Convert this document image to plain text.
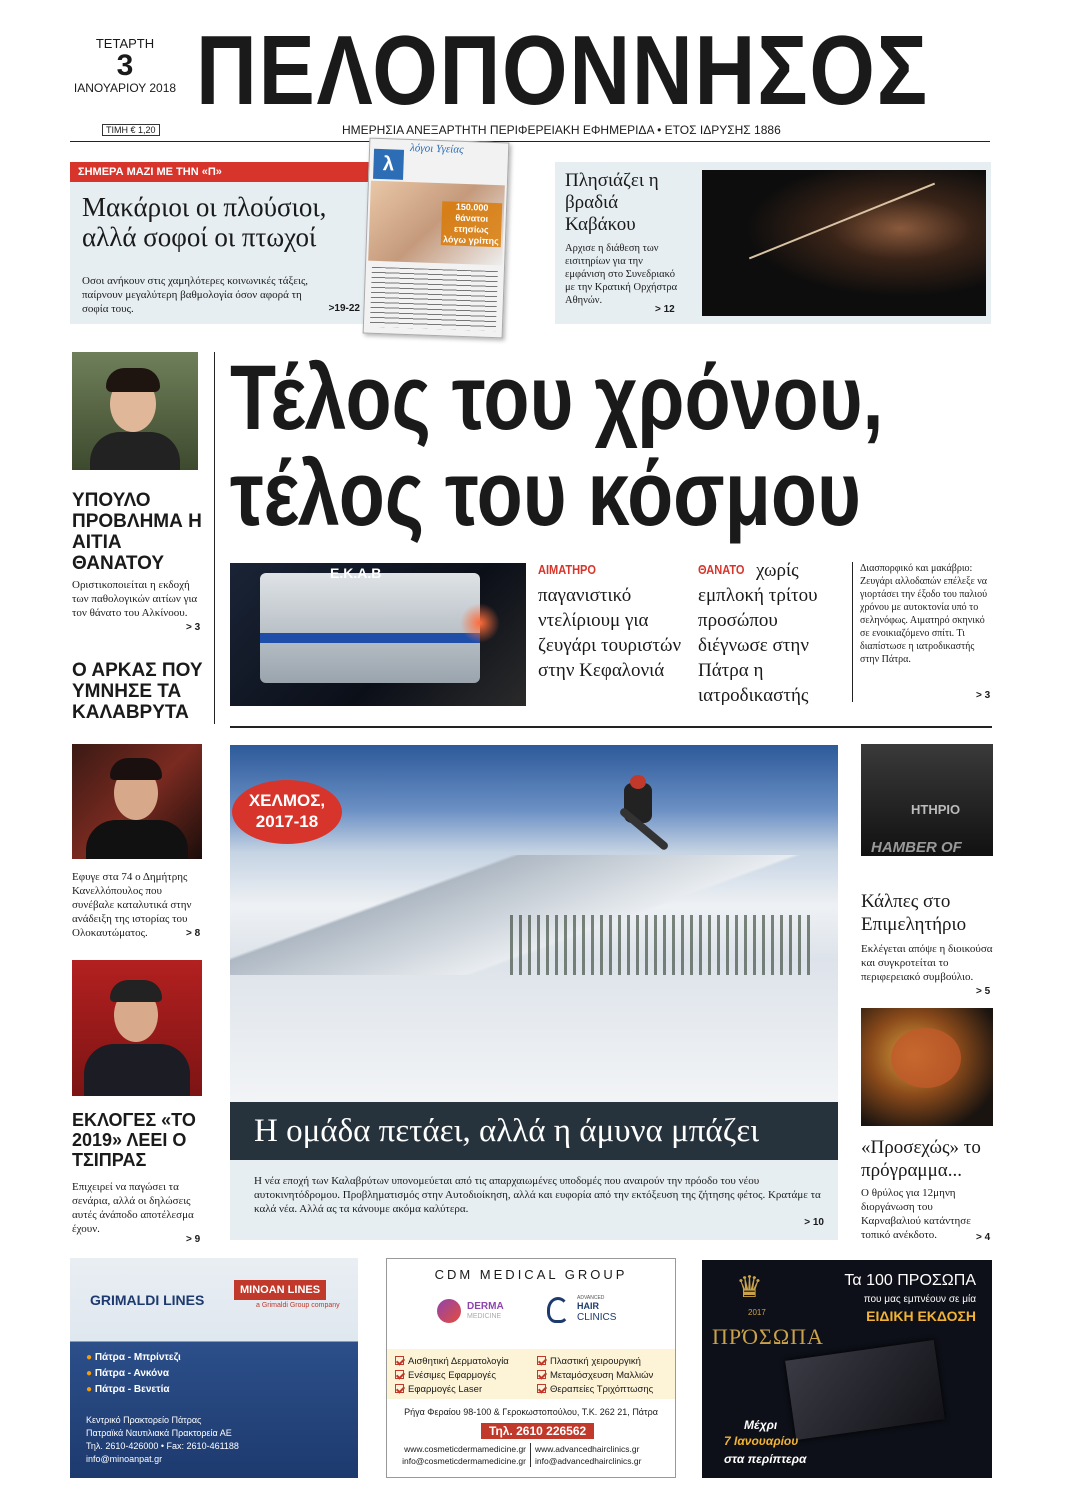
ΤΕΤΑΡΤΗ
3
ΙΑΝΟΥΑΡΙΟΥ 2018
ΤΙΜΗ € 1,20
ΠΕΛΟΠΟΝΝΗΣΟΣ
ΗΜΕΡΗΣΙΑ ΑΝΕΞΑΡΤΗΤΗ ΠΕΡΙΦΕΡΕΙΑΚΗ ΕΦΗΜΕΡΙΔΑ • ΕΤΟΣ ΙΔΡΥΣΗΣ 1886
ΣΗΜΕΡΑ ΜΑΖΙ ΜΕ ΤΗΝ «Π»
Μακάριοι οι πλούσιοι,
αλλά σοφοί οι πτωχοί
Οσοι ανήκουν στις χαμηλότερες κοινωνικές τάξεις, παίρνουν μεγαλύτερη βαθμολογία όσον αφορά τη σοφία τους.	>19-22
λ
λόγοι Υγείας
150.000 θάνατοι ετησίως λόγω γρίπης
Πλησιάζει η βραδιά Καβάκου
Αρχισε η διάθεση των εισιτηρίων για την εμφάνιση στο Συνεδριακό με την Κρατική Ορχήστρα Αθηνών.
> 12
ΥΠΟΥΛΟ ΠΡΟΒΛΗΜΑ Η ΑΙΤΙΑ ΘΑΝΑΤΟΥ
Οριστικοποιείται η εκδοχή των παθολογικών αιτίων για τον θάνατο του Αλκίνοου.
> 3
Ο ΑΡΚΑΣ ΠΟΥ ΥΜΝΗΣΕ ΤΑ ΚΑΛΑΒΡΥΤΑ
Τέλος του χρόνου,
τέλος του κόσμου
Ε.Κ.Α.Β	ΑΙΜΑΤΗΡΟ
παγανιστικό ντελίριουμ για ζευγάρι τουριστών στην Κεφαλονιά
ΘΑΝΑΤΟ χωρίς εμπλοκή τρίτου προσώπου διέγνωσε στην Πάτρα η ιατροδικαστής
Διασπορφικό και μακάβριο: Ζευγάρι αλλοδαπών επέλεξε να γιορτάσει την έξοδο του παλιού χρόνου με αυτοκτονία υπό το σεληνόφως. Αιματηρό σκηνικό σε ενοικιαζόμενο σπίτι. Τι διαπίστωσε η ιατροδικαστής στην Πάτρα.
> 3
Εφυγε στα 74 ο Δημήτρης Κανελλόπουλος που συνέβαλε καταλυτικά στην ανάδειξη της ιστορίας του Ολοκαυτώματος.	> 8
ΕΚΛΟΓΕΣ «ΤΟ 2019» ΛΕΕΙ Ο ΤΣΙΠΡΑΣ
Επιχειρεί να παγώσει τα σενάρια, αλλά οι δηλώσεις αυτές άνάποδο αποτέλεσμα έχουν.
> 9
ΧΕΛΜΟΣ,
2017-18
Η ομάδα πετάει, αλλά η άμυνα μπάζει
Η νέα εποχή των Καλαβρύτων υπονομεύεται από τις απαρχαιωμένες υποδομές που αναιρούν την πρόοδο του νέου αυτοκινητόδρομου. Προβληματισμός στην Αυτοδιοίκηση, αλλά και ευφορία από την εκτόξευση της ζήτησης φέτος. Κρατάμε τα καλά νέα. Αλλά ας τα κάνουμε ακόμα καλύτερα.
> 10
ΗΤΗΡΙΟ
HAMBER OF
Κάλπες στο Επιμελητήριο
Εκλέγεται απόψε η διοικούσα και συγκροτείται το περιφερειακό συμβούλιο.
> 5
«Προσεχώς» το πρόγραμμα...
Ο θρύλος για 12μηνη διοργάνωση του Καρναβαλιού κατάντησε τοπικό ανέκδοτο.	> 4
GRIMALDI LINES
MINOAN LINES
a Grimaldi Group company
● Πάτρα - Μπρίντεζι
● Πάτρα - Ανκόνα
● Πάτρα - Βενετία
Κεντρικό Πρακτορείο Πάτρας
Πατραϊκά Ναυτιλιακά Πρακτορεία ΑΕ
Τηλ. 2610-426000 • Fax: 2610-461188
info@minoanpat.gr
CDM MEDICAL GROUP
DERMA
MEDICINE
ADVANCED
HAIR
CLINICS
Αισθητική Δερματολογία
Ενέσιμες Εφαρμογές
Εφαρμογές Laser
Πλαστική χειρουργική
Μεταμόσχευση Μαλλιών
Θεραπείες Τριχόπτωσης
Ρήγα Φεραίου 98-100 & Γεροκωστοπούλου, Τ.Κ. 262 21, Πάτρα
Τηλ. 2610 226562
www.cosmeticdermamedicine.gr
info@cosmeticdermamedicine.gr
www.advancedhairclinics.gr
info@advancedhairclinics.gr
Τα 100 ΠΡΟΣΩΠΑ
που μας εμπνέουν σε μία
ΕΙΔΙΚΗ ΕΚΔΟΣΗ
♛
2017
ΠΡΌΣΩΠΑ
Μέχρι
7 Ιανουαρίου
στα περίπτερα
